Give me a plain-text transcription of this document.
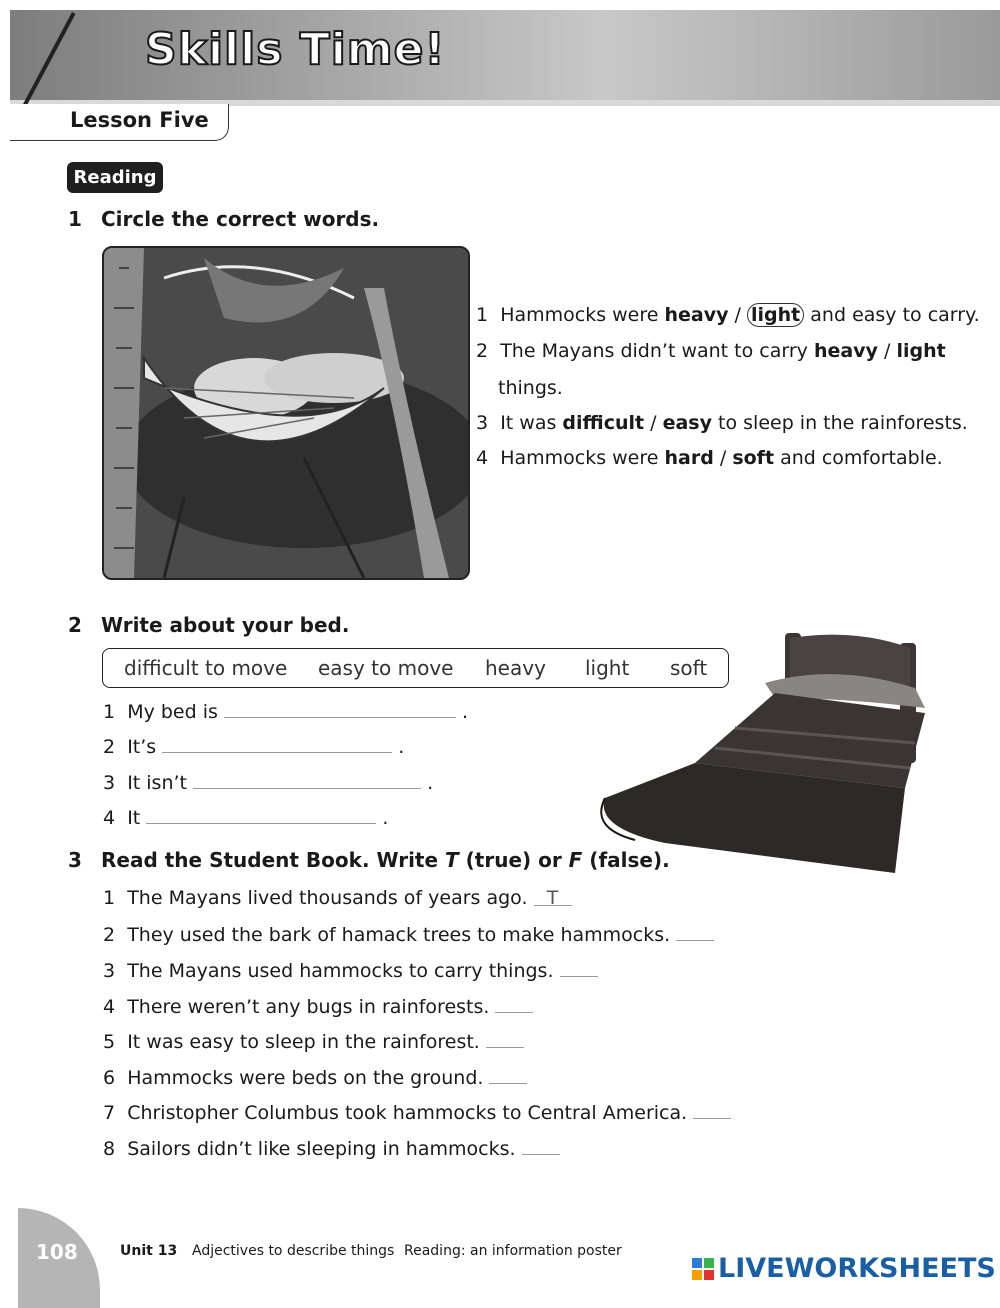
Skills Time!
Lesson Five
Reading
1 Circle the correct words.
1 Hammocks were heavy / light and easy to carry.
2 The Mayans didn’t want to carry heavy / light
things.
3 It was difficult / easy to sleep in the rainforests.
4 Hammocks were hard / soft and comfortable.
2 Write about your bed.
difficult to move easy to move heavy light soft
1 My bed is	.
2 It’s	.
3 It isn’t	.
4 It	.
3 Read the Student Book. Write T (true) or F (false).
1 The Mayans lived thousands of years ago. T
2 They used the bark of hamack trees to make hammocks.
3 The Mayans used hammocks to carry things.
4 There weren’t any bugs in rainforests.
5 It was easy to sleep in the rainforest.
6 Hammocks were beds on the ground.
7 Christopher Columbus took hammocks to Central America.
8 Sailors didn’t like sleeping in hammocks.
108	Unit 13 Adjectives to describe things Reading: an information poster
LIVEWORKSHEETS
